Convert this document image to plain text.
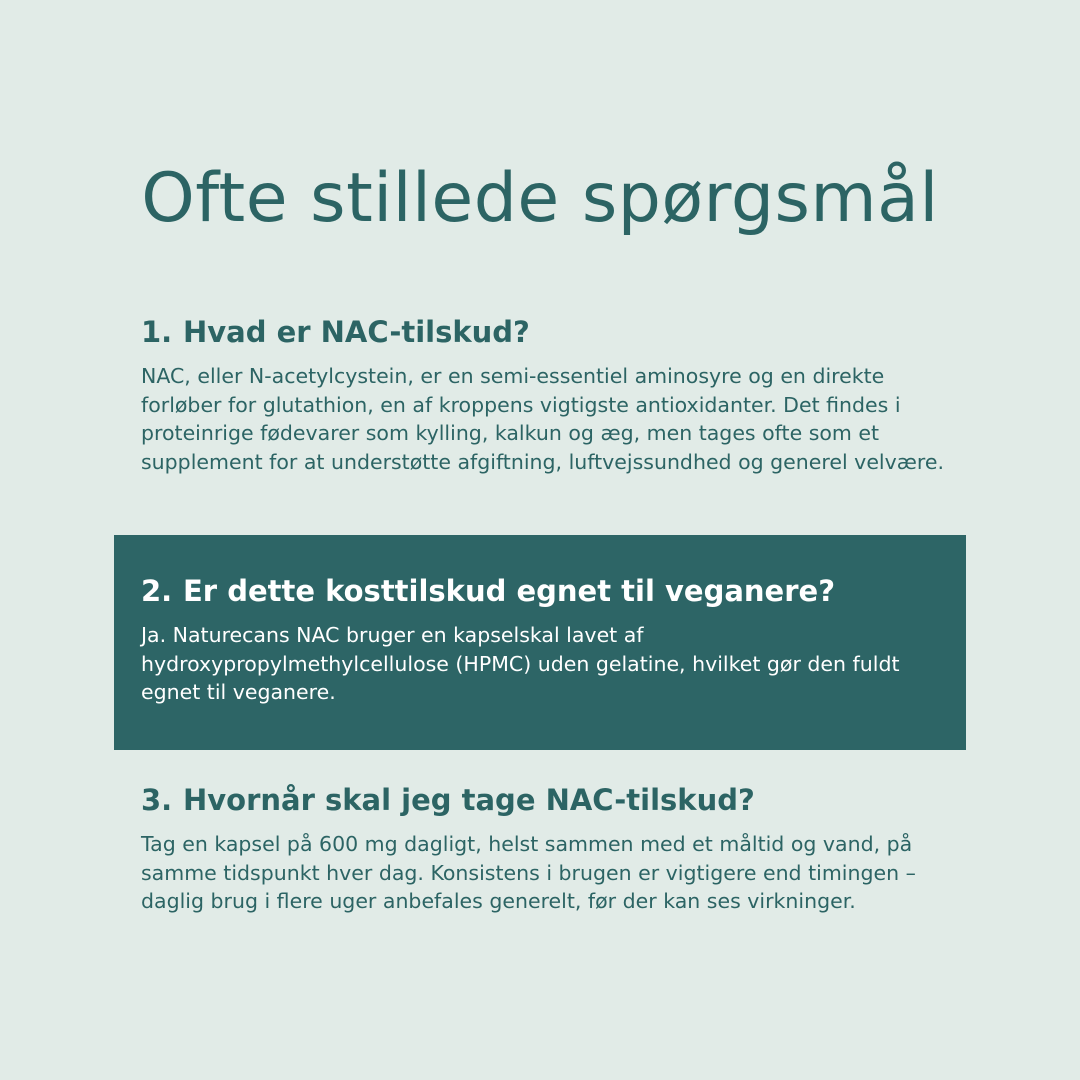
Ofte stillede spørgsmål
1. Hvad er NAC-tilskud?

NAC, eller N-acetylcystein, er en semi-essentiel aminosyre og en direkte forløber for glutathion, en af kroppens vigtigste antioxidanter. Det findes i proteinrige fødevarer som kylling, kalkun og æg, men tages ofte som et supplement for at understøtte afgiftning, luftvejssundhed og generel velvære.

2. Er dette kosttilskud egnet til veganere?

Ja. Naturecans NAC bruger en kapselskal lavet af hydroxypropylmethylcellulose (HPMC) uden gelatine, hvilket gør den fuldt egnet til veganere.

3. Hvornår skal jeg tage NAC-tilskud?

Tag en kapsel på 600 mg dagligt, helst sammen med et måltid og vand, på samme tidspunkt hver dag. Konsistens i brugen er vigtigere end timingen – daglig brug i flere uger anbefales generelt, før der kan ses virkninger.
